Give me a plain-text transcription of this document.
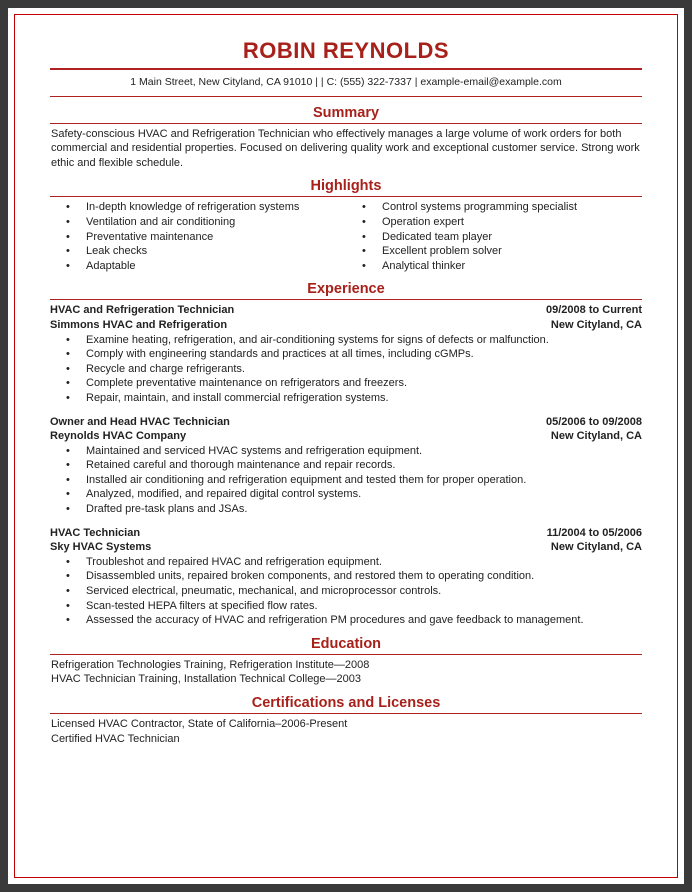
ROBIN REYNOLDS
1 Main Street, New Cityland, CA 91010 | | C: (555) 322-7337 | example-email@example.com
Summary

Safety-conscious HVAC and Refrigeration Technician who effectively manages a large volume of work orders for both commercial and residential properties. Focused on delivering quality work and exceptional customer service. Strong work ethic and flexible schedule.

Highlights
• In-depth knowledge of refrigeration systems
• Ventilation and air conditioning
• Preventative maintenance
• Leak checks
• Adaptable
• Control systems programming specialist
• Operation expert
• Dedicated team player
• Excellent problem solver
• Analytical thinker
Experience
HVAC and Refrigeration Technician	09/2008 to Current
Simmons HVAC and Refrigeration	New Cityland, CA
• Examine heating, refrigeration, and air-conditioning systems for signs of defects or malfunction.
• Comply with engineering standards and practices at all times, including cGMPs.
• Recycle and charge refrigerants.
• Complete preventative maintenance on refrigerators and freezers.
• Repair, maintain, and install commercial refrigeration systems.
Owner and Head HVAC Technician	05/2006 to 09/2008
Reynolds HVAC Company	New Cityland, CA
• Maintained and serviced HVAC systems and refrigeration equipment.
• Retained careful and thorough maintenance and repair records.
• Installed air conditioning and refrigeration equipment and tested them for proper operation.
• Analyzed, modified, and repaired digital control systems.
• Drafted pre-task plans and JSAs.
HVAC Technician	11/2004 to 05/2006
Sky HVAC Systems	New Cityland, CA
• Troubleshot and repaired HVAC and refrigeration equipment.
• Disassembled units, repaired broken components, and restored them to operating condition.
• Serviced electrical, pneumatic, mechanical, and microprocessor controls.
• Scan-tested HEPA filters at specified flow rates.
• Assessed the accuracy of HVAC and refrigeration PM procedures and gave feedback to management.
Education

Refrigeration Technologies Training, Refrigeration Institute—2008

HVAC Technician Training, Installation Technical College—2003

Certifications and Licenses

Licensed HVAC Contractor, State of California–2006-Present

Certified HVAC Technician
